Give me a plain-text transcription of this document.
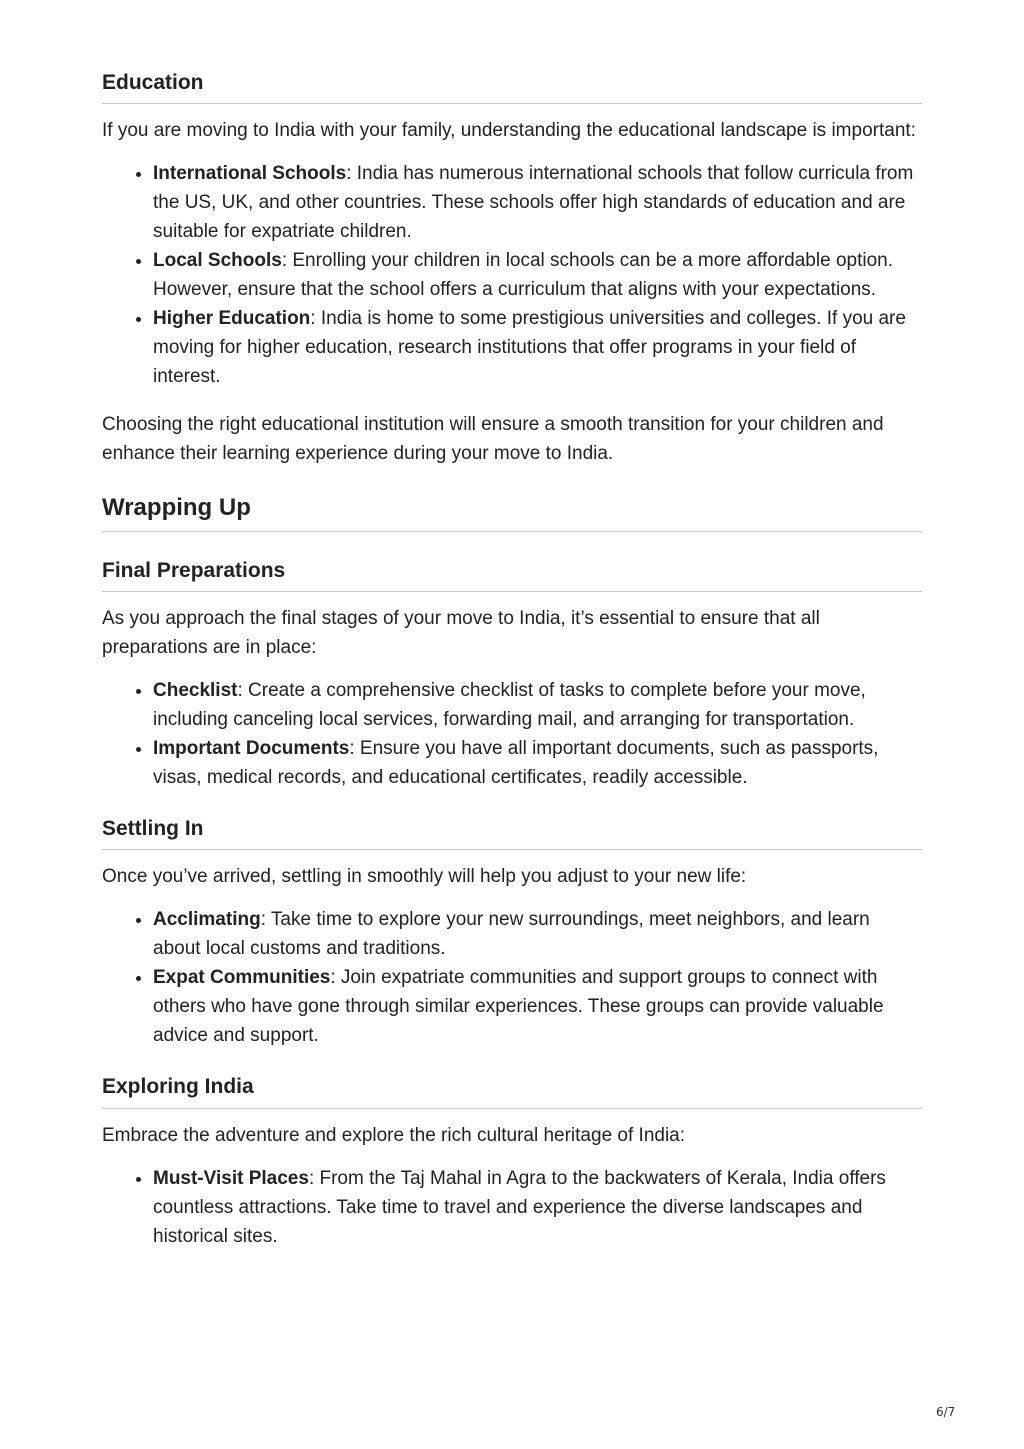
Education

If you are moving to India with your family, understanding the educational landscape is important:

• International Schools: India has numerous international schools that follow curricula from the US, UK, and other countries. These schools offer high standards of education and are suitable for expatriate children.
• Local Schools: Enrolling your children in local schools can be a more affordable option. However, ensure that the school offers a curriculum that aligns with your expectations.
• Higher Education: India is home to some prestigious universities and colleges. If you are moving for higher education, research institutions that offer programs in your field of interest.

Choosing the right educational institution will ensure a smooth transition for your children and enhance their learning experience during your move to India.

Wrapping Up
Final Preparations

As you approach the final stages of your move to India, it’s essential to ensure that all preparations are in place:

• Checklist: Create a comprehensive checklist of tasks to complete before your move, including canceling local services, forwarding mail, and arranging for transportation.
• Important Documents: Ensure you have all important documents, such as passports, visas, medical records, and educational certificates, readily accessible.
Settling In

Once you’ve arrived, settling in smoothly will help you adjust to your new life:

• Acclimating: Take time to explore your new surroundings, meet neighbors, and learn about local customs and traditions.
• Expat Communities: Join expatriate communities and support groups to connect with others who have gone through similar experiences. These groups can provide valuable advice and support.
Exploring India

Embrace the adventure and explore the rich cultural heritage of India:

• Must-Visit Places: From the Taj Mahal in Agra to the backwaters of Kerala, India offers countless attractions. Take time to travel and experience the diverse landscapes and historical sites.
6/7
